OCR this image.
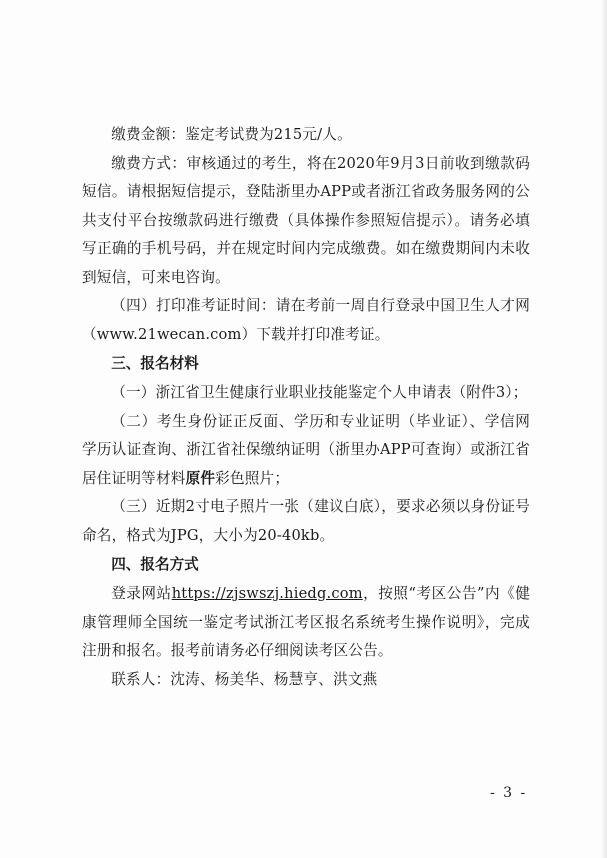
缴费金额：鉴定考试费为215元/人。

缴费方式：审核通过的考生，将在2020年9月3日前收到缴款码短信。请根据短信提示，登陆浙里办APP或者浙江省政务服务网的公共支付平台按缴款码进行缴费（具体操作参照短信提示）。请务必填写正确的手机号码，并在规定时间内完成缴费。如在缴费期间内未收到短信，可来电咨询。

（四）打印准考证时间：请在考前一周自行登录中国卫生人才网（www.21wecan.com）下载并打印准考证。

三、报名材料

（一）浙江省卫生健康行业职业技能鉴定个人申请表（附件3）；

（二）考生身份证正反面、学历和专业证明（毕业证）、学信网学历认证查询、浙江省社保缴纳证明（浙里办APP可查询）或浙江省居住证明等材料原件彩色照片；

（三）近期2寸电子照片一张（建议白底），要求必须以身份证号命名，格式为JPG，大小为20-40kb。

四、报名方式

登录网站https://zjswszj.hiedg.com，按照“考区公告”内《健康管理师全国统一鉴定考试浙江考区报名系统考生操作说明》，完成注册和报名。报考前请务必仔细阅读考区公告。

联系人：沈涛、杨美华、杨慧亨、洪文燕

- 3 -
